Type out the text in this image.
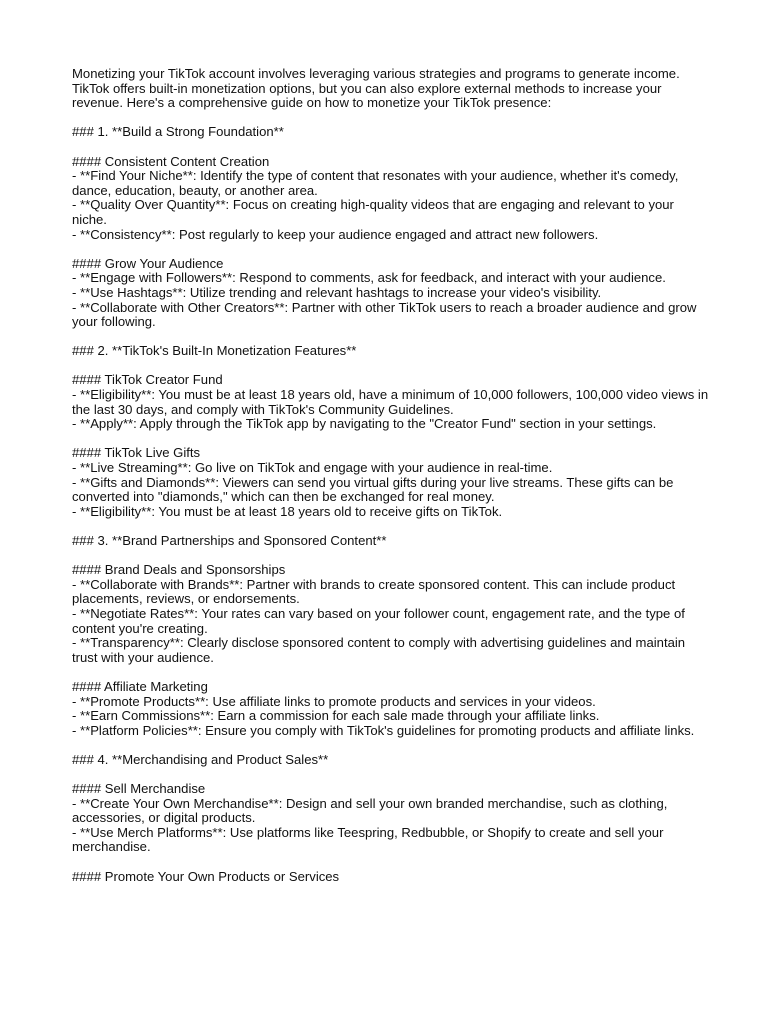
Monetizing your TikTok account involves leveraging various strategies and programs to generate income. TikTok offers built-in monetization options, but you can also explore external methods to increase your revenue. Here's a comprehensive guide on how to monetize your TikTok presence:

### 1. **Build a Strong Foundation**

#### Consistent Content Creation
- **Find Your Niche**: Identify the type of content that resonates with your audience, whether it's comedy, dance, education, beauty, or another area.
- **Quality Over Quantity**: Focus on creating high-quality videos that are engaging and relevant to your niche.
- **Consistency**: Post regularly to keep your audience engaged and attract new followers.
#### Grow Your Audience
- **Engage with Followers**: Respond to comments, ask for feedback, and interact with your audience.
- **Use Hashtags**: Utilize trending and relevant hashtags to increase your video's visibility.
- **Collaborate with Other Creators**: Partner with other TikTok users to reach a broader audience and grow your following.

### 2. **TikTok's Built-In Monetization Features**

#### TikTok Creator Fund
- **Eligibility**: You must be at least 18 years old, have a minimum of 10,000 followers, 100,000 video views in the last 30 days, and comply with TikTok's Community Guidelines.
- **Apply**: Apply through the TikTok app by navigating to the "Creator Fund" section in your settings.
#### TikTok Live Gifts
- **Live Streaming**: Go live on TikTok and engage with your audience in real-time.
- **Gifts and Diamonds**: Viewers can send you virtual gifts during your live streams. These gifts can be converted into "diamonds," which can then be exchanged for real money.
- **Eligibility**: You must be at least 18 years old to receive gifts on TikTok.

### 3. **Brand Partnerships and Sponsored Content**

#### Brand Deals and Sponsorships
- **Collaborate with Brands**: Partner with brands to create sponsored content. This can include product placements, reviews, or endorsements.
- **Negotiate Rates**: Your rates can vary based on your follower count, engagement rate, and the type of content you're creating.
- **Transparency**: Clearly disclose sponsored content to comply with advertising guidelines and maintain trust with your audience.
#### Affiliate Marketing
- **Promote Products**: Use affiliate links to promote products and services in your videos.
- **Earn Commissions**: Earn a commission for each sale made through your affiliate links.
- **Platform Policies**: Ensure you comply with TikTok's guidelines for promoting products and affiliate links.

### 4. **Merchandising and Product Sales**

#### Sell Merchandise
- **Create Your Own Merchandise**: Design and sell your own branded merchandise, such as clothing, accessories, or digital products.
- **Use Merch Platforms**: Use platforms like Teespring, Redbubble, or Shopify to create and sell your merchandise.
#### Promote Your Own Products or Services
